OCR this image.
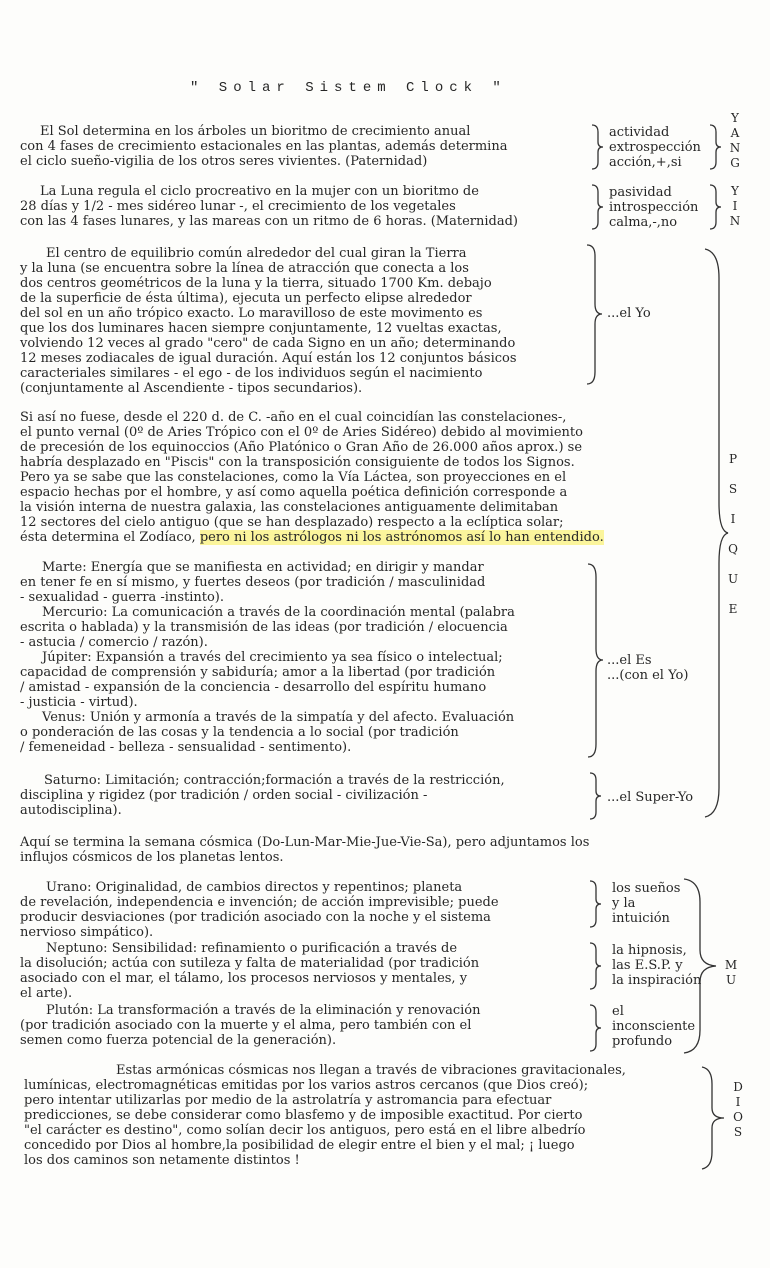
" Solar Sistem Clock "
Y
A
N
G
El Sol determina en los árboles un bioritmo de crecimiento anual
con 4 fases de crecimiento estacionales en las plantas, además determina
el ciclo sueño-vigilia de los otros seres vivientes. (Paternidad)
actividad
extrospección
acción,+,si
Y
I
N
La Luna regula el ciclo procreativo en la mujer con un bioritmo de
28 días y 1/2 - mes sidéreo lunar -, el crecimiento de los vegetales
con las 4 fases lunares, y las mareas con un ritmo de 6 horas. (Maternidad)
pasividad
introspección
calma,-,no
El centro de equilibrio común alrededor del cual giran la Tierra
y la luna (se encuentra sobre la línea de atracción que conecta a los
dos centros geométricos de la luna y la tierra, situado 1700 Km. debajo
de la superficie de ésta última), ejecuta un perfecto elipse alrededor
del sol en un año trópico exacto. Lo maravilloso de este movimento es
que los dos luminares hacen siempre conjuntamente, 12 vueltas exactas,
volviendo 12 veces al grado "cero" de cada Signo en un año; determinando
12 meses zodiacales de igual duración. Aquí están los 12 conjuntos básicos
caracteriales similares - el ego - de los individuos según el nacimiento
(conjuntamente al Ascendiente - tipos secundarios).
...el Yo
P
S
I
Q
U
E
Si así no fuese, desde el 220 d. de C. -año en el cual coincidían las constelaciones-,
el punto vernal (0º de Aries Trópico con el 0º de Aries Sidéreo) debido al movimiento
de precesión de los equinoccios (Año Platónico o Gran Año de 26.000 años aprox.) se
habría desplazado en "Piscis" con la transposición consiguiente de todos los Signos.
Pero ya se sabe que las constelaciones, como la Vía Láctea, son proyecciones en el
espacio hechas por el hombre, y así como aquella poética definición corresponde a
la visión interna de nuestra galaxia, las constelaciones antiguamente delimitaban
12 sectores del cielo antiguo (que se han desplazado) respecto a la eclíptica solar;
ésta determina el Zodíaco, pero ni los astrólogos ni los astrónomos así lo han entendido.
Marte: Energía que se manifiesta en actividad; en dirigir y mandar
en tener fe en sí mismo, y fuertes deseos (por tradición / masculinidad
- sexualidad - guerra -instinto).
Mercurio: La comunicación a través de la coordinación mental (palabra
escrita o hablada) y la transmisión de las ideas (por tradición / elocuencia
- astucia / comercio / razón).
Júpiter: Expansión a través del crecimiento ya sea físico o intelectual;
capacidad de comprensión y sabiduría; amor a la libertad (por tradición
/ amistad - expansión de la conciencia - desarrollo del espíritu humano
- justicia - virtud).
Venus: Unión y armonía a través de la simpatía y del afecto. Evaluación
o ponderación de las cosas y la tendencia a lo social (por tradición
/ femeneidad - belleza - sensualidad - sentimento).
...el Es
...(con el Yo)
Saturno: Limitación; contracción;formación a través de la restricción,
disciplina y rigidez (por tradición / orden social - civilización -
autodisciplina).
...el Super-Yo
Aquí se termina la semana cósmica (Do-Lun-Mar-Mie-Jue-Vie-Sa), pero adjuntamos los
influjos cósmicos de los planetas lentos.
Urano: Originalidad, de cambios directos y repentinos; planeta
de revelación, independencia e invención; de acción imprevisible; puede
producir desviaciones (por tradición asociado con la noche y el sistema
nervioso simpático).
los sueños
y la
intuición
Neptuno: Sensibilidad: refinamiento o purificación a través de
la disolución; actúa con sutileza y falta de materialidad (por tradición
asociado con el mar, el tálamo, los procesos nerviosos y mentales, y
el arte).
la hipnosis,
las E.S.P. y
la inspiración
Plutón: La transformación a través de la eliminación y renovación
(por tradición asociado con la muerte y el alma, pero también con el
semen como fuerza potencial de la generación).
el
inconsciente
profundo
M
U
Estas armónicas cósmicas nos llegan a través de vibraciones gravitacionales,
lumínicas, electromagnéticas emitidas por los varios astros cercanos (que Dios creó);
pero intentar utilizarlas por medio de la astrolatría y astromancia para efectuar
predicciones, se debe considerar como blasfemo y de imposible exactitud. Por cierto
"el carácter es destino", como solían decir los antiguos, pero está en el libre albedrío
concedido por Dios al hombre,la posibilidad de elegir entre el bien y el mal; ¡ luego
los dos caminos son netamente distintos !
D
I
O
S
